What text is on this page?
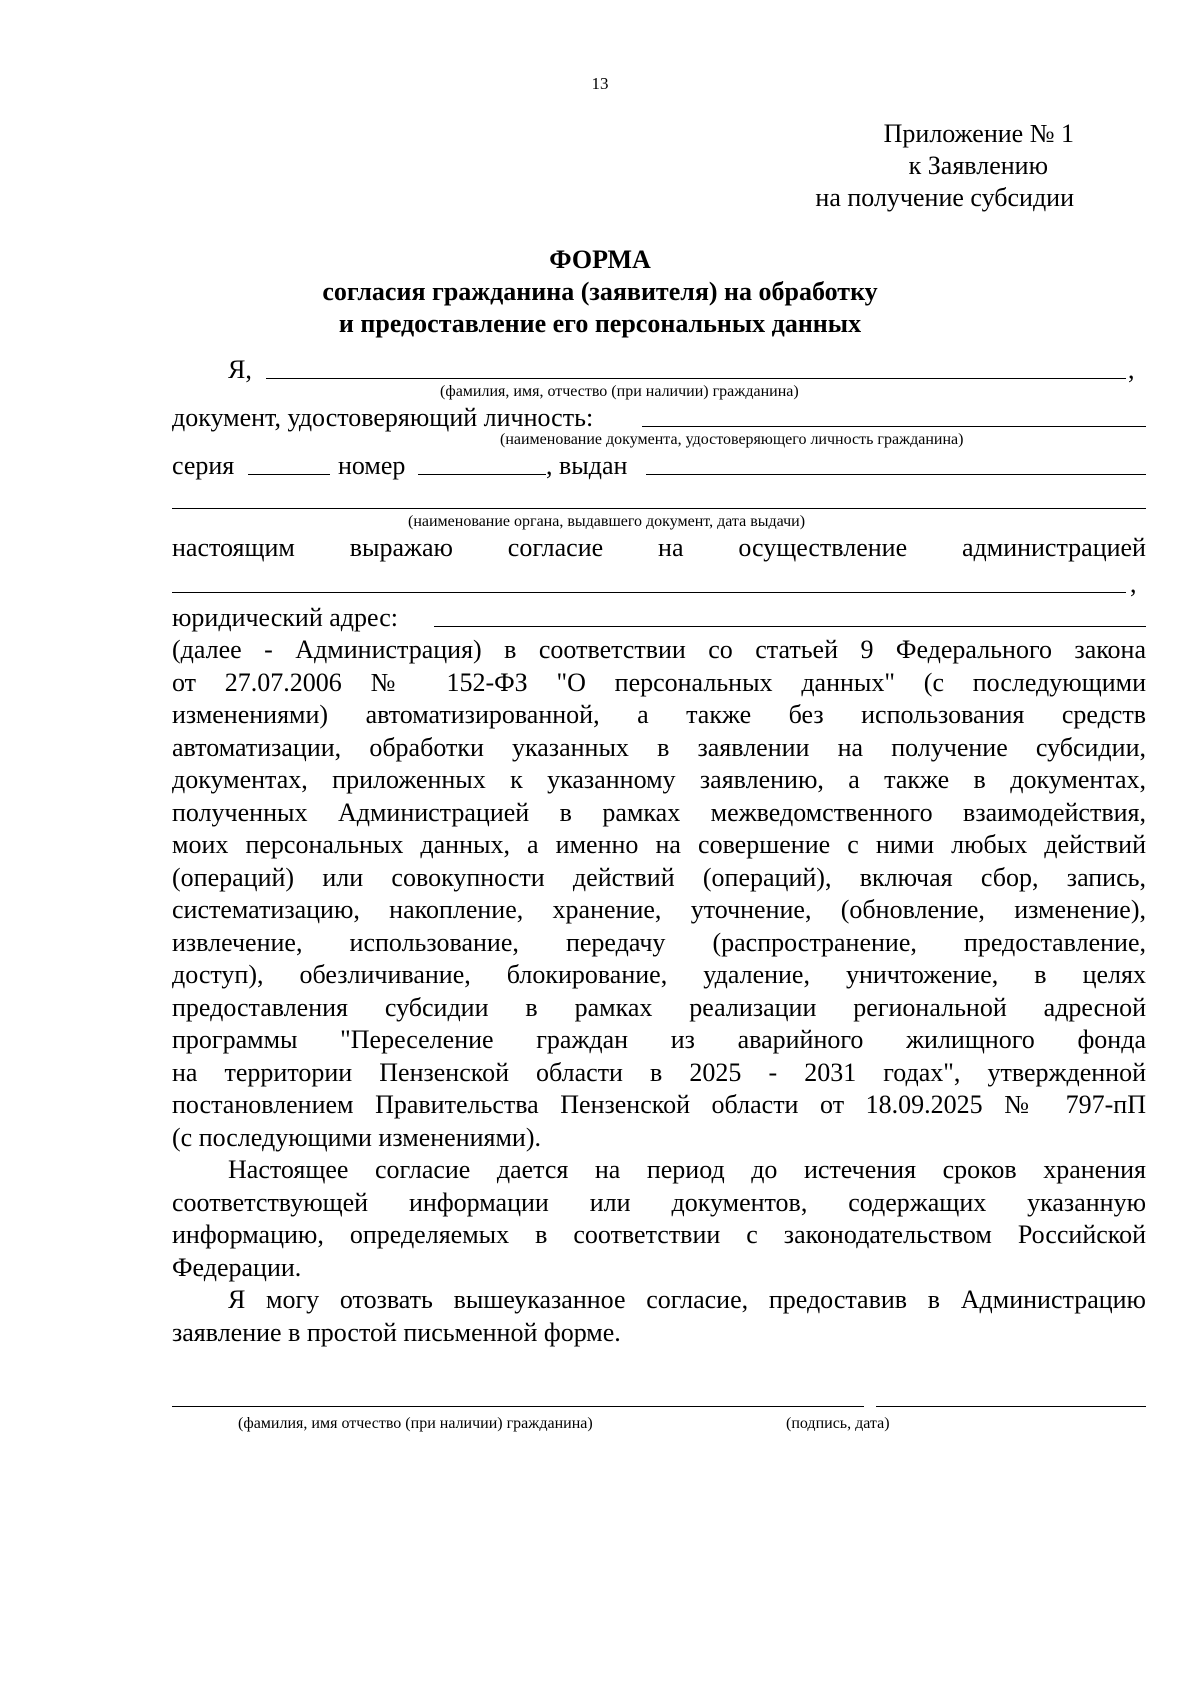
13
Приложение № 1
к Заявлению
на получение субсидии
ФОРМА
согласия гражданина (заявителя) на обработку
и предоставление его персональных данных
Я,	,
(фамилия, имя, отчество (при наличии) гражданина)
документ, удостоверяющий личность:
(наименование документа, удостоверяющего личность гражданина)
серия	номер	, выдан
(наименование органа, выдавшего документ, дата выдачи)
настоящим выражаю согласие на осуществление администрацией
,
юридический адрес:
(далее - Администрация) в соответствии со статьей 9 Федерального закона
от 27.07.2006 № 152-ФЗ "О персональных данных" (с последующими
изменениями) автоматизированной, а также без использования средств
автоматизации, обработки указанных в заявлении на получение субсидии,
документах, приложенных к указанному заявлению, а также в документах,
полученных Администрацией в рамках межведомственного взаимодействия,
моих персональных данных, а именно на совершение с ними любых действий
(операций) или совокупности действий (операций), включая сбор, запись,
систематизацию, накопление, хранение, уточнение, (обновление, изменение),
извлечение, использование, передачу (распространение, предоставление,
доступ), обезличивание, блокирование, удаление, уничтожение, в целях
предоставления субсидии в рамках реализации региональной адресной
программы "Переселение граждан из аварийного жилищного фонда
на территории Пензенской области в 2025 - 2031 годах", утвержденной
постановлением Правительства Пензенской области от 18.09.2025 № 797-пП
(с последующими изменениями).
Настоящее согласие дается на период до истечения сроков хранения
соответствующей информации или документов, содержащих указанную
информацию, определяемых в соответствии с законодательством Российской
Федерации.
Я могу отозвать вышеуказанное согласие, предоставив в Администрацию
заявление в простой письменной форме.
(фамилия, имя отчество (при наличии) гражданина)	(подпись, дата)
